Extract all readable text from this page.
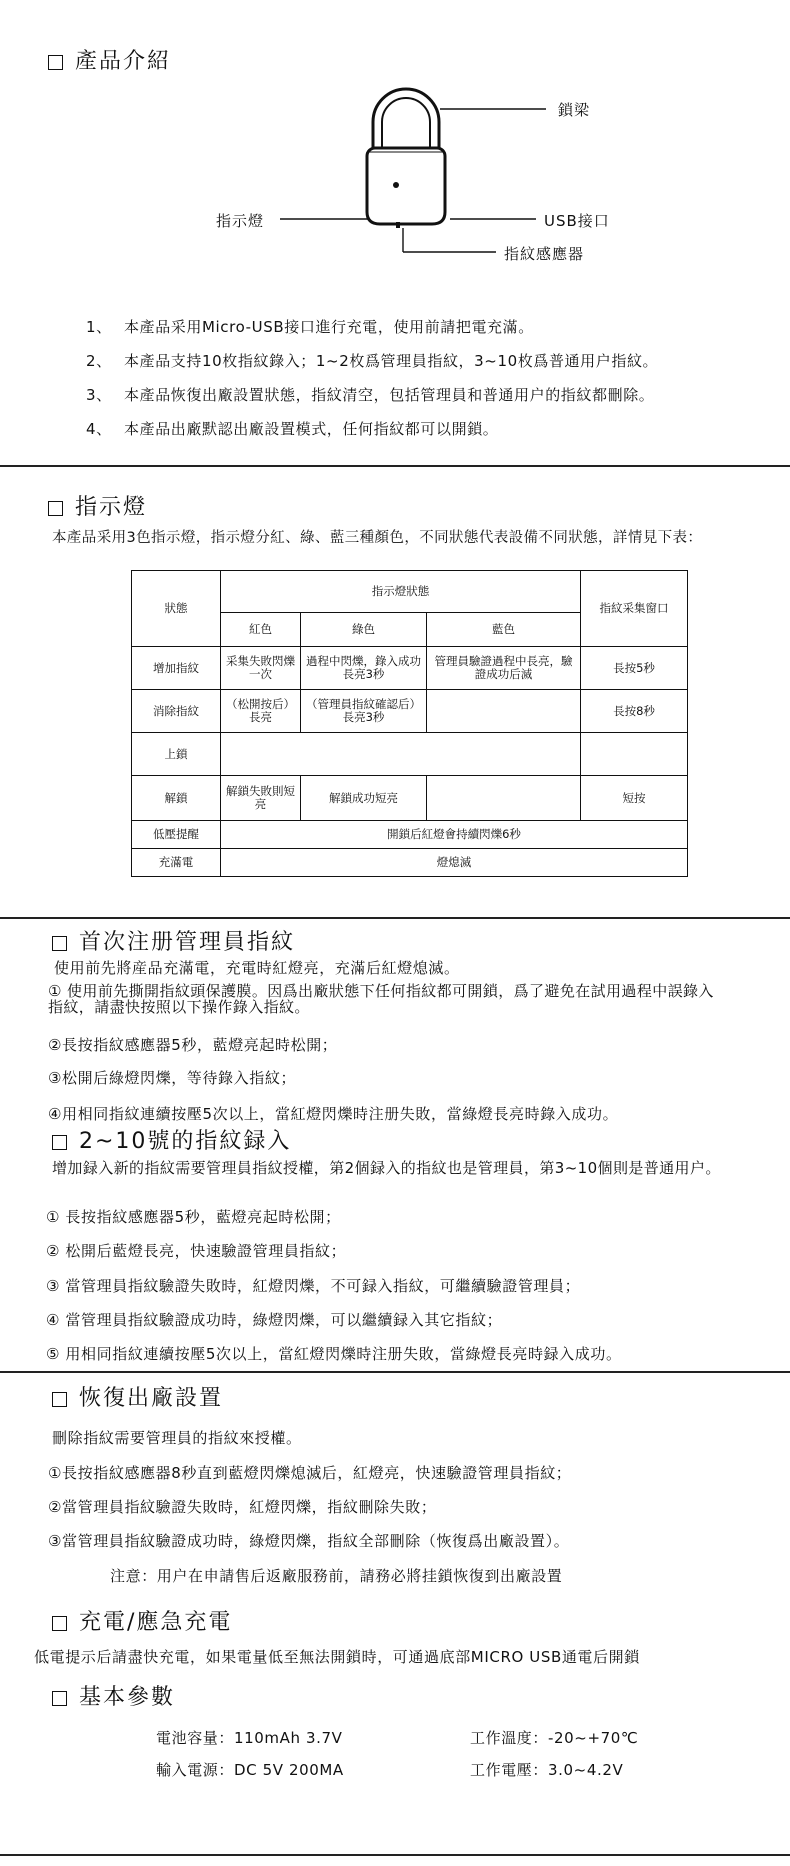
產品介紹
鎖梁
指示燈	USB接口
指紋感應器
1、 本產品采用Micro-USB接口進行充電，使用前請把電充滿。
2、 本產品支持10枚指紋錄入；1~2枚爲管理員指紋，3~10枚爲普通用户指紋。
3、 本產品恢復出廠設置狀態，指紋清空，包括管理員和普通用户的指紋都刪除。
4、 本產品出廠默認出廠設置模式，任何指紋都可以開鎖。
指示燈
本產品采用3色指示燈，指示燈分紅、綠、藍三種顏色，不同狀態代表設備不同狀態，詳情見下表：
狀態	指示燈狀態			指紋采集窗口
	紅色	綠色	藍色	
增加指紋	采集失敗閃爍一次	過程中閃爍，錄入成功長亮3秒	管理員驗證過程中長亮，驗證成功后滅	長按5秒
消除指紋	（松開按后）長亮	（管理員指紋確認后）長亮3秒		長按8秒
上鎖				
解鎖	解鎖失敗則短亮	解鎖成功短亮		短按
低壓提醒	開鎖后紅燈會持續閃爍6秒			
充滿電	燈熄滅			
首次注册管理員指紋
使用前先將産品充滿電，充電時紅燈亮，充滿后紅燈熄滅。
① 使用前先撕開指紋頭保護膜。因爲出廠狀態下任何指紋都可開鎖，爲了避免在試用過程中誤錄入指紋，請盡快按照以下操作錄入指紋。
②長按指紋感應器5秒，藍燈亮起時松開；
③松開后綠燈閃爍，等待錄入指紋；
④用相同指紋連續按壓5次以上，當紅燈閃爍時注册失敗，當綠燈長亮時錄入成功。
2~10號的指紋録入
增加録入新的指紋需要管理員指紋授權，第2個録入的指紋也是管理員，第3~10個則是普通用户。
① 長按指紋感應器5秒，藍燈亮起時松開；
② 松開后藍燈長亮，快速驗證管理員指紋；
③ 當管理員指紋驗證失敗時，紅燈閃爍，不可録入指紋，可繼續驗證管理員；
④ 當管理員指紋驗證成功時，綠燈閃爍，可以繼續録入其它指紋；
⑤ 用相同指紋連續按壓5次以上，當紅燈閃爍時注册失敗，當綠燈長亮時録入成功。
恢復出廠設置
刪除指紋需要管理員的指紋來授權。
①長按指紋感應器8秒直到藍燈閃爍熄滅后，紅燈亮，快速驗證管理員指紋；
②當管理員指紋驗證失敗時，紅燈閃爍，指紋刪除失敗；
③當管理員指紋驗證成功時，綠燈閃爍，指紋全部刪除（恢復爲出廠設置）。
注意：用户在申請售后返廠服務前，請務必將挂鎖恢復到出廠設置
充電/應急充電
低電提示后請盡快充電，如果電量低至無法開鎖時，可通過底部MICRO USB通電后開鎖
基本參數
電池容量：110mAh 3.7V	工作溫度：-20~+70℃
輸入電源：DC 5V 200MA	工作電壓：3.0~4.2V
